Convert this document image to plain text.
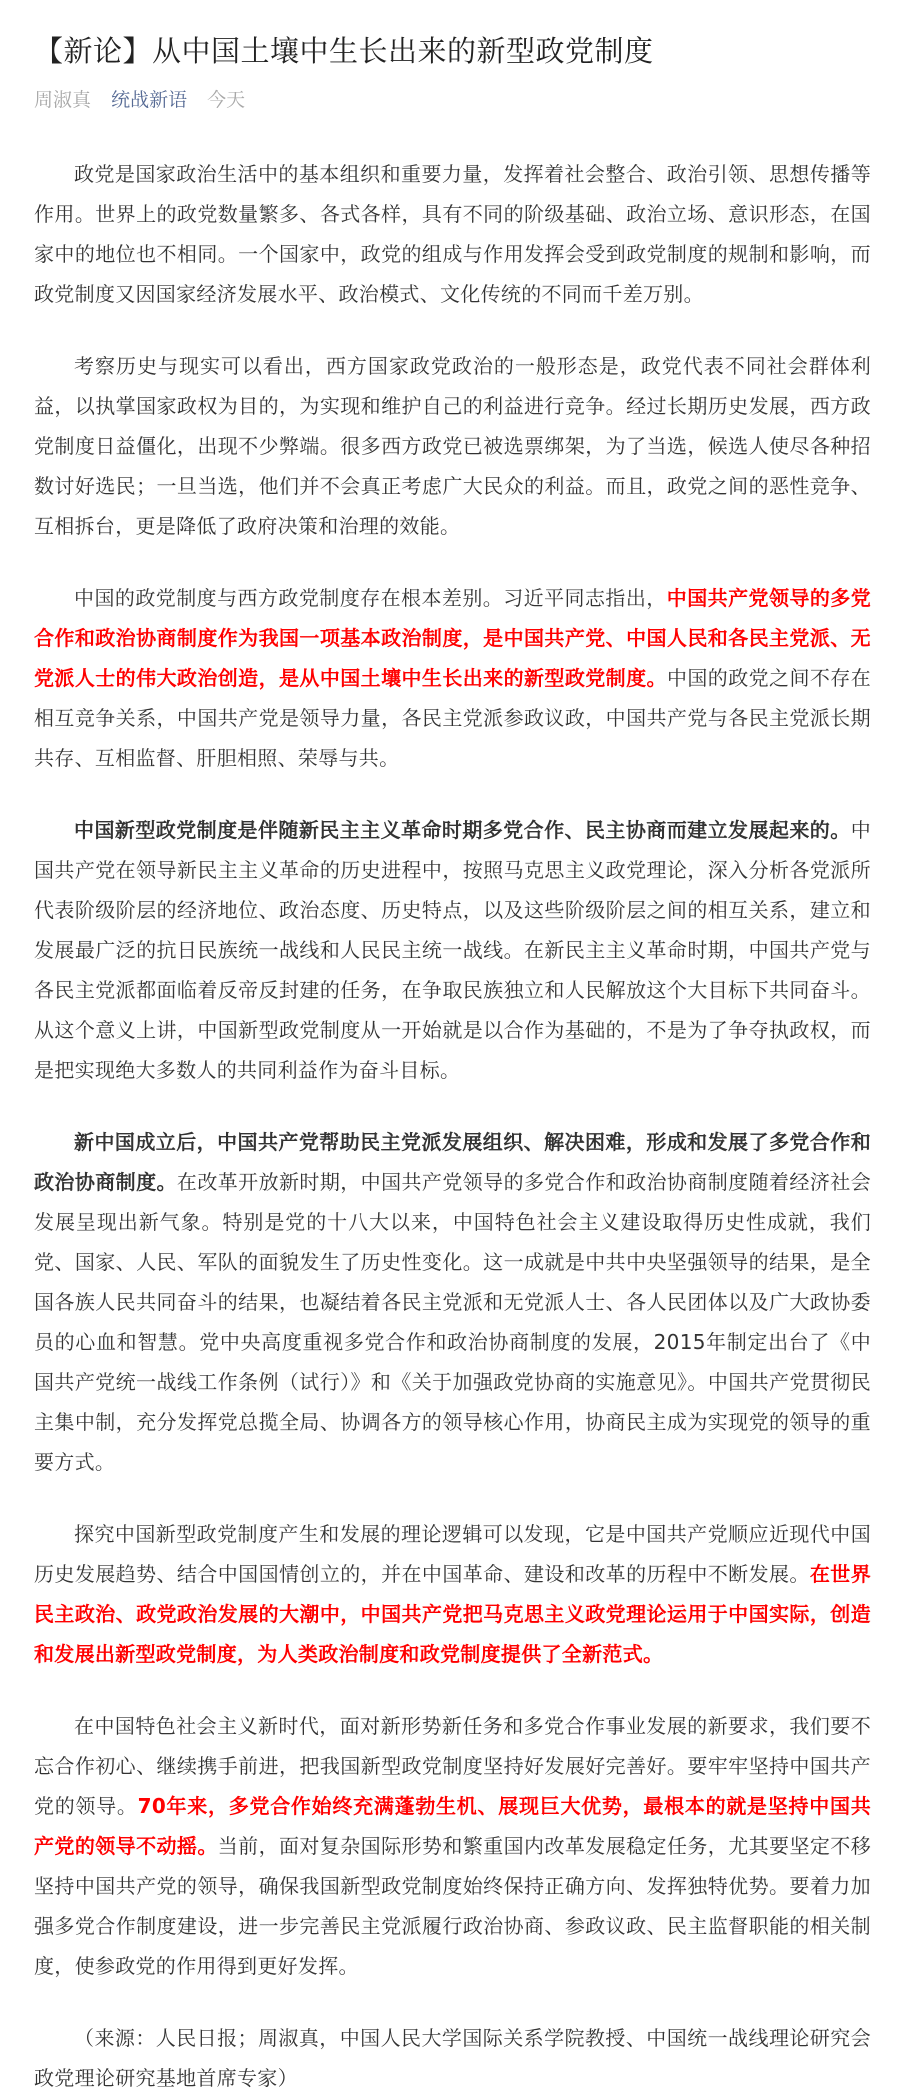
【新论】从中国土壤中生长出来的新型政党制度
周淑真 统战新语 今天

政党是国家政治生活中的基本组织和重要力量，发挥着社会整合、政治引领、思想传播等作用。世界上的政党数量繁多、各式各样，具有不同的阶级基础、政治立场、意识形态，在国家中的地位也不相同。一个国家中，政党的组成与作用发挥会受到政党制度的规制和影响，而政党制度又因国家经济发展水平、政治模式、文化传统的不同而千差万别。

考察历史与现实可以看出，西方国家政党政治的一般形态是，政党代表不同社会群体利益，以执掌国家政权为目的，为实现和维护自己的利益进行竞争。经过长期历史发展，西方政党制度日益僵化，出现不少弊端。很多西方政党已被选票绑架，为了当选，候选人使尽各种招数讨好选民；一旦当选，他们并不会真正考虑广大民众的利益。而且，政党之间的恶性竞争、互相拆台，更是降低了政府决策和治理的效能。

中国的政党制度与西方政党制度存在根本差别。习近平同志指出，中国共产党领导的多党合作和政治协商制度作为我国一项基本政治制度，是中国共产党、中国人民和各民主党派、无党派人士的伟大政治创造，是从中国土壤中生长出来的新型政党制度。中国的政党之间不存在相互竞争关系，中国共产党是领导力量，各民主党派参政议政，中国共产党与各民主党派长期共存、互相监督、肝胆相照、荣辱与共。

中国新型政党制度是伴随新民主主义革命时期多党合作、民主协商而建立发展起来的。中国共产党在领导新民主主义革命的历史进程中，按照马克思主义政党理论，深入分析各党派所代表阶级阶层的经济地位、政治态度、历史特点，以及这些阶级阶层之间的相互关系，建立和发展最广泛的抗日民族统一战线和人民民主统一战线。在新民主主义革命时期，中国共产党与各民主党派都面临着反帝反封建的任务，在争取民族独立和人民解放这个大目标下共同奋斗。从这个意义上讲，中国新型政党制度从一开始就是以合作为基础的，不是为了争夺执政权，而是把实现绝大多数人的共同利益作为奋斗目标。

新中国成立后，中国共产党帮助民主党派发展组织、解决困难，形成和发展了多党合作和政治协商制度。在改革开放新时期，中国共产党领导的多党合作和政治协商制度随着经济社会发展呈现出新气象。特别是党的十八大以来，中国特色社会主义建设取得历史性成就，我们党、国家、人民、军队的面貌发生了历史性变化。这一成就是中共中央坚强领导的结果，是全国各族人民共同奋斗的结果，也凝结着各民主党派和无党派人士、各人民团体以及广大政协委员的心血和智慧。党中央高度重视多党合作和政治协商制度的发展，2015年制定出台了《中国共产党统一战线工作条例（试行）》和《关于加强政党协商的实施意见》。中国共产党贯彻民主集中制，充分发挥党总揽全局、协调各方的领导核心作用，协商民主成为实现党的领导的重要方式。

探究中国新型政党制度产生和发展的理论逻辑可以发现，它是中国共产党顺应近现代中国历史发展趋势、结合中国国情创立的，并在中国革命、建设和改革的历程中不断发展。在世界民主政治、政党政治发展的大潮中，中国共产党把马克思主义政党理论运用于中国实际，创造和发展出新型政党制度，为人类政治制度和政党制度提供了全新范式。

在中国特色社会主义新时代，面对新形势新任务和多党合作事业发展的新要求，我们要不忘合作初心、继续携手前进，把我国新型政党制度坚持好发展好完善好。要牢牢坚持中国共产党的领导。70年来，多党合作始终充满蓬勃生机、展现巨大优势，最根本的就是坚持中国共产党的领导不动摇。当前，面对复杂国际形势和繁重国内改革发展稳定任务，尤其要坚定不移坚持中国共产党的领导，确保我国新型政党制度始终保持正确方向、发挥独特优势。要着力加强多党合作制度建设，进一步完善民主党派履行政治协商、参政议政、民主监督职能的相关制度，使参政党的作用得到更好发挥。

（来源：人民日报；周淑真，中国人民大学国际关系学院教授、中国统一战线理论研究会政党理论研究基地首席专家）
